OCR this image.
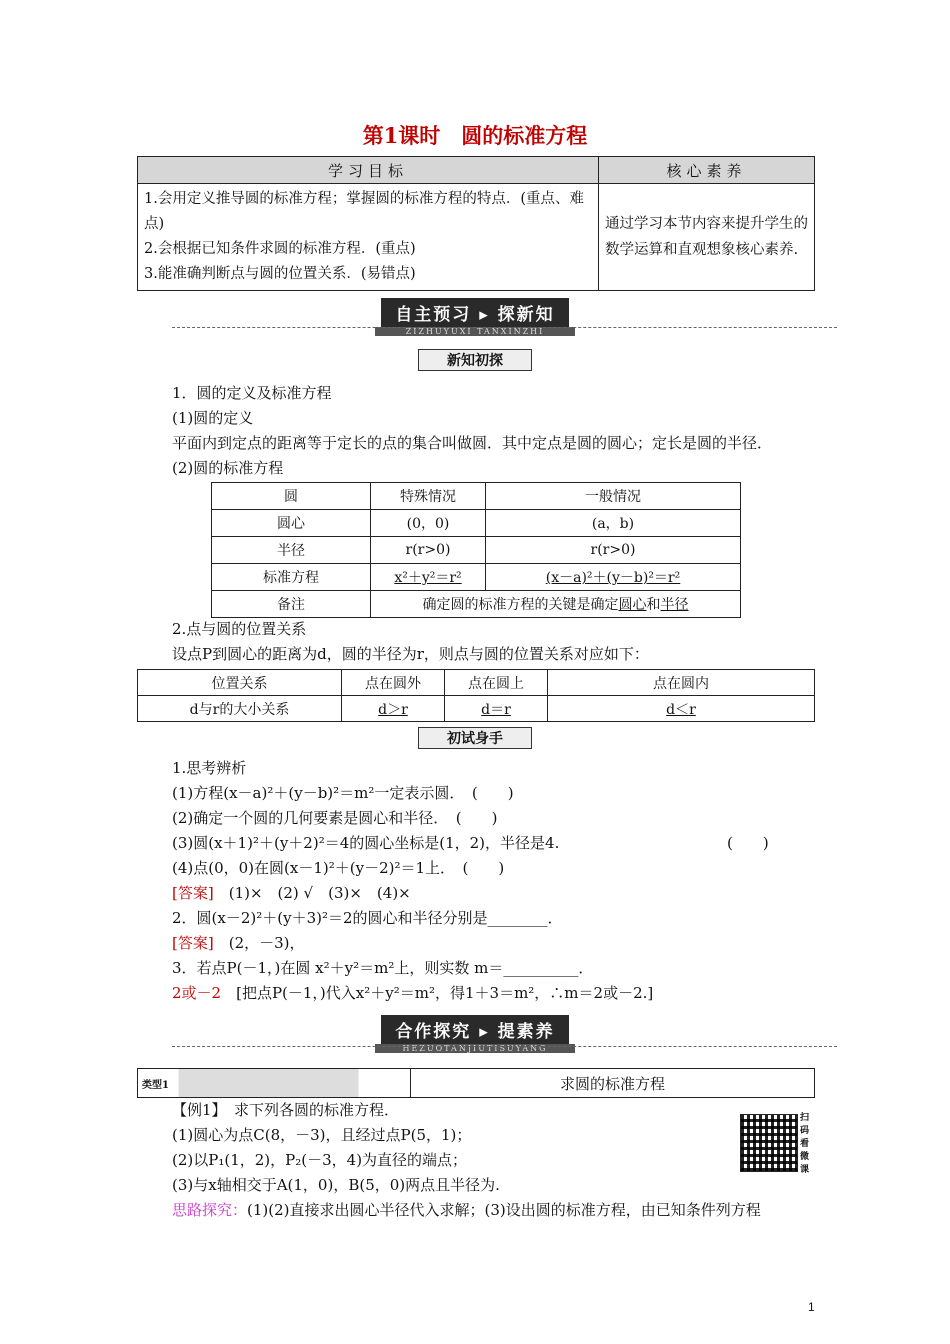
第1课时　圆的标准方程
学习目标	核心素养

1.会用定义推导圆的标准方程；掌握圆的标准方程的特点．(重点、难点)
2.会根据已知条件求圆的标准方程．(重点)
3.能准确判断点与圆的位置关系．(易错点)	通过学习本节内容来提升学生的数学运算和直观想象核心素养.
自主预习 ▸ 探新知
ZIZHUYUXI TANXINZHI
新知初探
1．圆的定义及标准方程
(1)圆的定义
平面内到定点的距离等于定长的点的集合叫做圆．其中定点是圆的圆心；定长是圆的半径．
(2)圆的标准方程
圆	特殊情况	一般情况
圆心	(0，0)	(a，b)
半径	r(r>0)	r(r>0)
标准方程	x²＋y²＝r²	(x－a)²＋(y－b)²＝r²
备注	确定圆的标准方程的关键是确定圆心和半径	
2.点与圆的位置关系
设点P到圆心的距离为d，圆的半径为r，则点与圆的位置关系对应如下：
位置关系	点在圆外	点在圆上	点在圆内
d与r的大小关系	d＞r	d＝r	d＜r
初试身手
1.思考辨析
(1)方程(x－a)²＋(y－b)²＝m²一定表示圆．　(　　)
(2)确定一个圆的几何要素是圆心和半径．　(　　)
(3)圆(x＋1)²＋(y＋2)²＝4的圆心坐标是(1，2)，半径是4.	(　　)
(4)点(0，0)在圆(x－1)²＋(y－2)²＝1上．　(　　)
[答案]　(1)×　(2) √　(3)×　(4)×
2．圆(x－2)²＋(y＋3)²＝2的圆心和半径分别是________．
[答案]　(2，－3)，
3．若点P(－1，)在圆 x²＋y²＝m²上，则实数 m＝__________．
2或－2　[把点P(－1，)代入x²＋y²＝m²，得1＋3＝m²，∴m＝2或－2.]
合作探究 ▸ 提素养
HEZUOTANJIUTISUYANG
类型1	求圆的标准方程
【例1】　求下列各圆的标准方程．
(1)圆心为点C(8，－3)，且经过点P(5，1)；
(2)以P₁(1，2)，P₂(－3，4)为直径的端点；
(3)与x轴相交于A(1，0)，B(5，0)两点且半径为.
思路探究：(1)(2)直接求出圆心半径代入求解；(3)设出圆的标准方程，由已知条件列方程
扫码看微课
1
